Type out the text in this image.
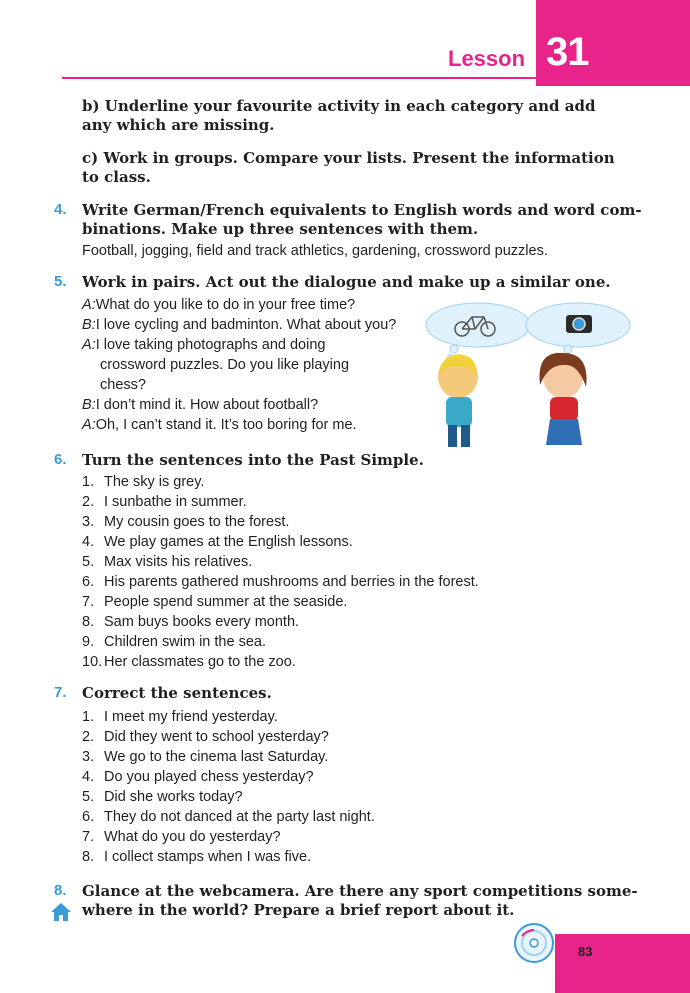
Lesson 31
b) Underline your favourite activity in each category and add any which are missing.
c) Work in groups. Compare your lists. Present the information to class.
4. Write German/French equivalents to English words and word com-
binations. Make up three sentences with them.
Football, jogging, field and track athletics, gardening, crossword puzzles.
5. Work in pairs. Act out the dialogue and make up a similar one.
A:What do you like to do in your free time?
B:I love cycling and badminton. What about you?
A:I love taking photographs and doing
crossword puzzles. Do you like playing
chess?
B:I don’t mind it. How about football?
A:Oh, I can’t stand it. It’s too boring for me.
6. Turn the sentences into the Past Simple.
1. The sky is grey.
2. I sunbathe in summer.
3. My cousin goes to the forest.
4. We play games at the English lessons.
5. Max visits his relatives.
6. His parents gathered mushrooms and berries in the forest.
7. People spend summer at the seaside.
8. Sam buys books every month.
9. Children swim in the sea.
10. Her classmates go to the zoo.
7. Correct the sentences.
1. I meet my friend yesterday.
2. Did they went to school yesterday?
3. We go to the cinema last Saturday.
4. Do you played chess yesterday?
5. Did she works today?
6. They do not danced at the party last night.
7. What do you do yesterday?
8. I collect stamps when I was five.
8. Glance at the webcamera. Are there any sport competitions some-
where in the world? Prepare a brief report about it.
83
